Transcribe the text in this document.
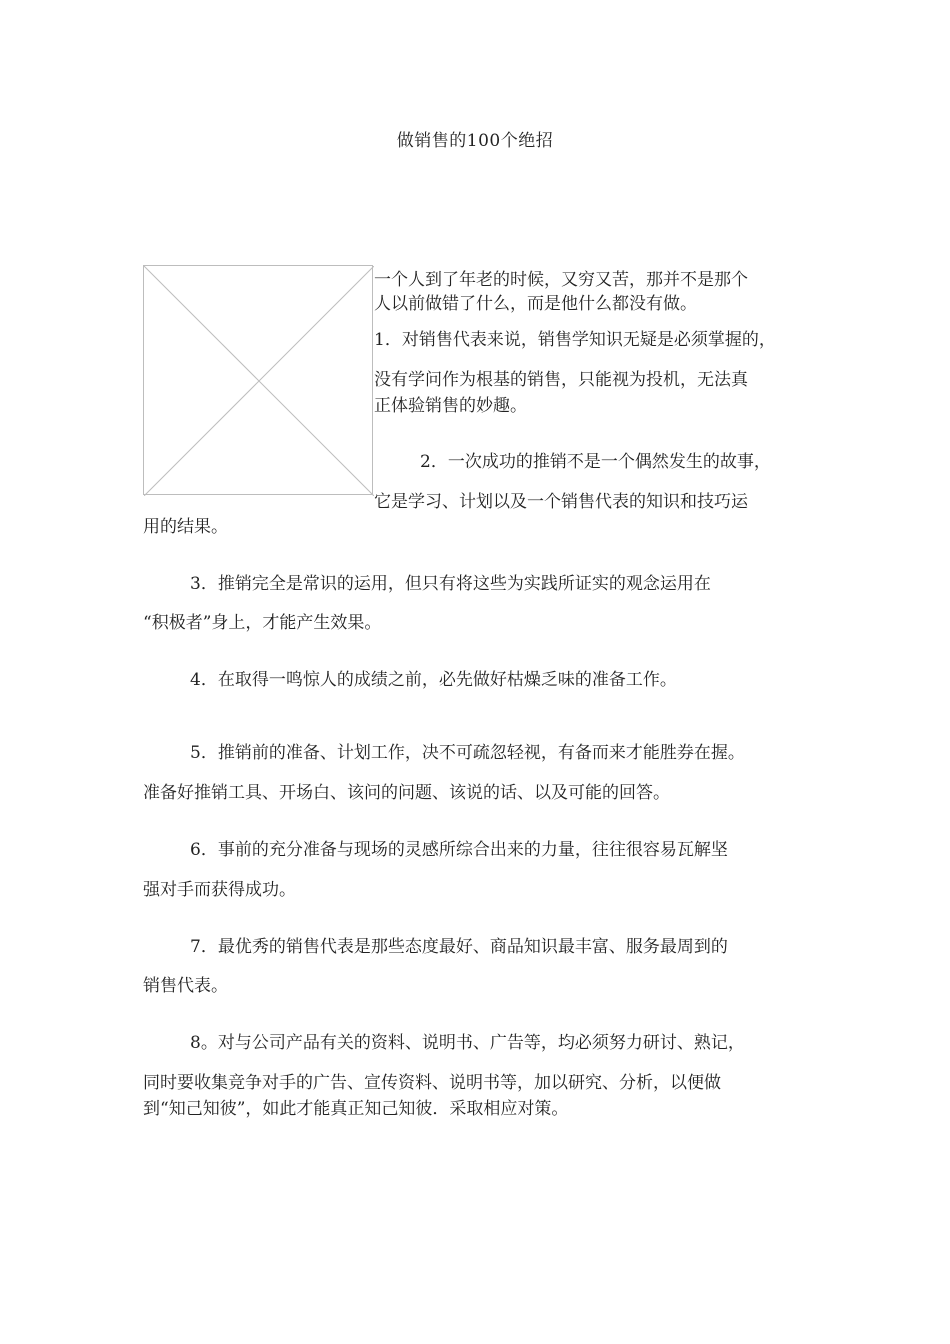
做销售的100个绝招
一个人到了年老的时候，又穷又苦，那并不是那个
人以前做错了什么，而是他什么都没有做。
1．对销售代表来说，销售学知识无疑是必须掌握的，
没有学问作为根基的销售，只能视为投机，无法真
正体验销售的妙趣。
2．一次成功的推销不是一个偶然发生的故事，
它是学习、计划以及一个销售代表的知识和技巧运
用的结果。
3．推销完全是常识的运用，但只有将这些为实践所证实的观念运用在
“积极者”身上，才能产生效果。
4．在取得一鸣惊人的成绩之前，必先做好枯燥乏味的准备工作。
5．推销前的准备、计划工作，决不可疏忽轻视，有备而来才能胜券在握。
准备好推销工具、开场白、该问的问题、该说的话、以及可能的回答。
6．事前的充分准备与现场的灵感所综合出来的力量，往往很容易瓦解坚
强对手而获得成功。
7．最优秀的销售代表是那些态度最好、商品知识最丰富、服务最周到的
销售代表。
8。对与公司产品有关的资料、说明书、广告等，均必须努力研讨、熟记，
同时要收集竞争对手的广告、宣传资料、说明书等，加以研究、分析，以便做
到“知己知彼”，如此才能真正知己知彼．采取相应对策。
